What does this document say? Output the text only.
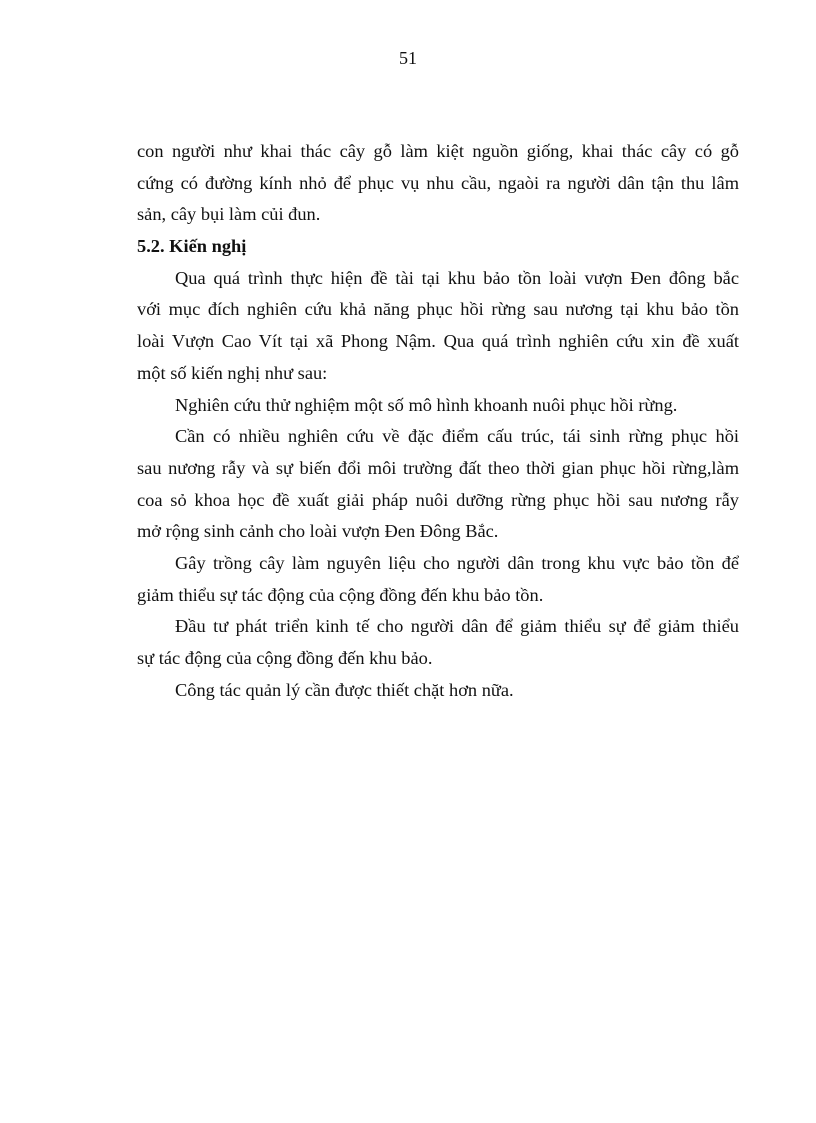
51
con người như khai thác cây gỗ làm kiệt nguồn giống, khai thác cây có gỗ
cứng có đường kính nhỏ để phục vụ nhu cầu, ngaòi ra người dân tận thu lâm
sản, cây bụi làm củi đun.
5.2. Kiến nghị
Qua quá trình thực hiện đề tài tại khu bảo tồn loài vượn Đen đông bắc
với mục đích nghiên cứu khả năng phục hồi rừng sau nương tại khu bảo tồn
loài Vượn Cao Vít tại xã Phong Nậm. Qua quá trình nghiên cứu xin đề xuất
một số kiến nghị như sau:
Nghiên cứu thử nghiệm một số mô hình khoanh nuôi phục hồi rừng.
Cần có nhiều nghiên cứu về đặc điểm cấu trúc, tái sinh rừng phục hồi
sau nương rẫy và sự biến đổi môi trường đất theo thời gian phục hồi rừng,làm
coa sỏ khoa học đề xuất giải pháp nuôi dưỡng rừng phục hồi sau nương rẫy
mở rộng sinh cảnh cho loài vượn Đen Đông Bắc.
Gây trồng cây làm nguyên liệu cho người dân trong khu vực bảo tồn để
giảm thiểu sự tác động của cộng đồng đến khu bảo tồn.
Đầu tư phát triển kinh tế cho người dân để giảm thiểu sự để giảm thiểu
sự tác động của cộng đồng đến khu bảo.
Công tác quản lý cần được thiết chặt hơn nữa.
